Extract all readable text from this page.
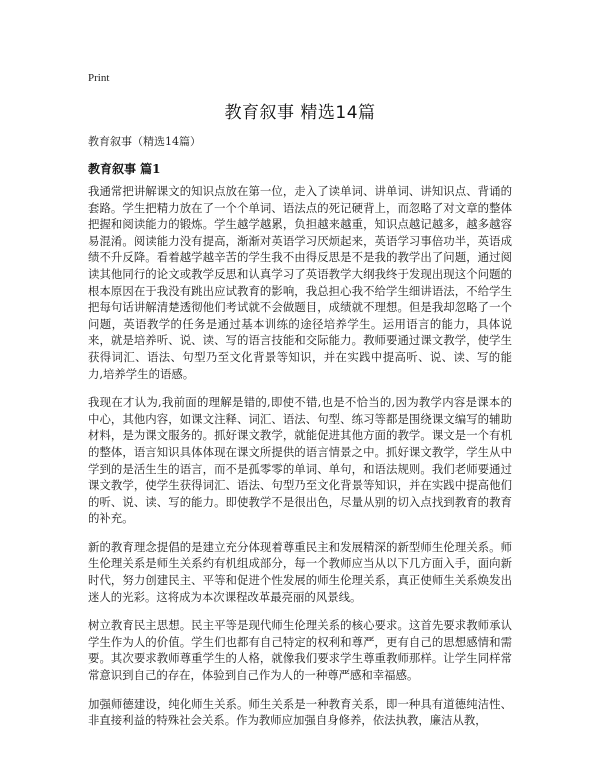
Print
教育叙事 精选14篇
教育叙事（精选14篇）
教育叙事 篇1

我通常把讲解课文的知识点放在第一位，走入了读单词、讲单词、讲知识点、背诵的套路。学生把精力放在了一个个单词、语法点的死记硬背上，而忽略了对文章的整体把握和阅读能力的锻炼。学生越学越累，负担越来越重，知识点越记越多，越多越容易混淆。阅读能力没有提高，渐渐对英语学习厌烦起来，英语学习事倍功半，英语成绩不升反降。看着越学越辛苦的学生我不由得反思是不是我的教学出了问题，通过阅读其他同行的论文或教学反思和认真学习了英语教学大纲我终于发现出现这个问题的根本原因在于我没有跳出应试教育的影响，我总担心我不给学生细讲语法，不给学生把每句话讲解清楚透彻他们考试就不会做题目，成绩就不理想。但是我却忽略了一个问题，英语教学的任务是通过基本训练的途径培养学生。运用语言的能力，具体说来，就是培养听、说、读、写的语言技能和交际能力。教师要通过课文教学，使学生获得词汇、语法、句型乃至文化背景等知识，并在实践中提高听、说、读、写的能力,培养学生的语感。

我现在才认为,我前面的理解是错的,即使不错,也是不恰当的,因为教学内容是课本的中心，其他内容，如课文注释、词汇、语法、句型、练习等都是围绕课文编写的辅助材料，是为课文服务的。抓好课文教学，就能促进其他方面的教学。课文是一个有机的整体，语言知识具体体现在课文所提供的语言情景之中。抓好课文教学，学生从中学到的是活生生的语言，而不是孤零零的单词、单句，和语法规则。我们老师要通过课文教学，使学生获得词汇、语法、句型乃至文化背景等知识，并在实践中提高他们的听、说、读、写的能力。即使教学不是很出色，尽量从别的切入点找到教育的教育的补充。

新的教育理念提倡的是建立充分体现着尊重民主和发展精深的新型师生伦理关系。师生伦理关系是师生关系约有机组成部分，每一个教师应当从以下几方面入手，面向新时代，努力创建民主、平等和促进个性发展的师生伦理关系，真正使师生关系焕发出迷人的光彩。这将成为本次课程改革最亮丽的风景线。

树立教育民主思想。民主平等是现代师生伦理关系的核心要求。这首先要求教师承认学生作为人的价值。学生们也都有自己特定的权利和尊严，更有自己的思想感情和需要。其次要求教师尊重学生的人格，就像我们要求学生尊重教师那样。让学生同样常常意识到自己的存在，体验到自己作为人的一种尊严感和幸福感。

加强师德建设，纯化师生关系。师生关系是一种教育关系，即一种具有道德纯洁性、非直接利益的特殊社会关系。作为教师应加强自身修养，依法执教，廉洁从教，
